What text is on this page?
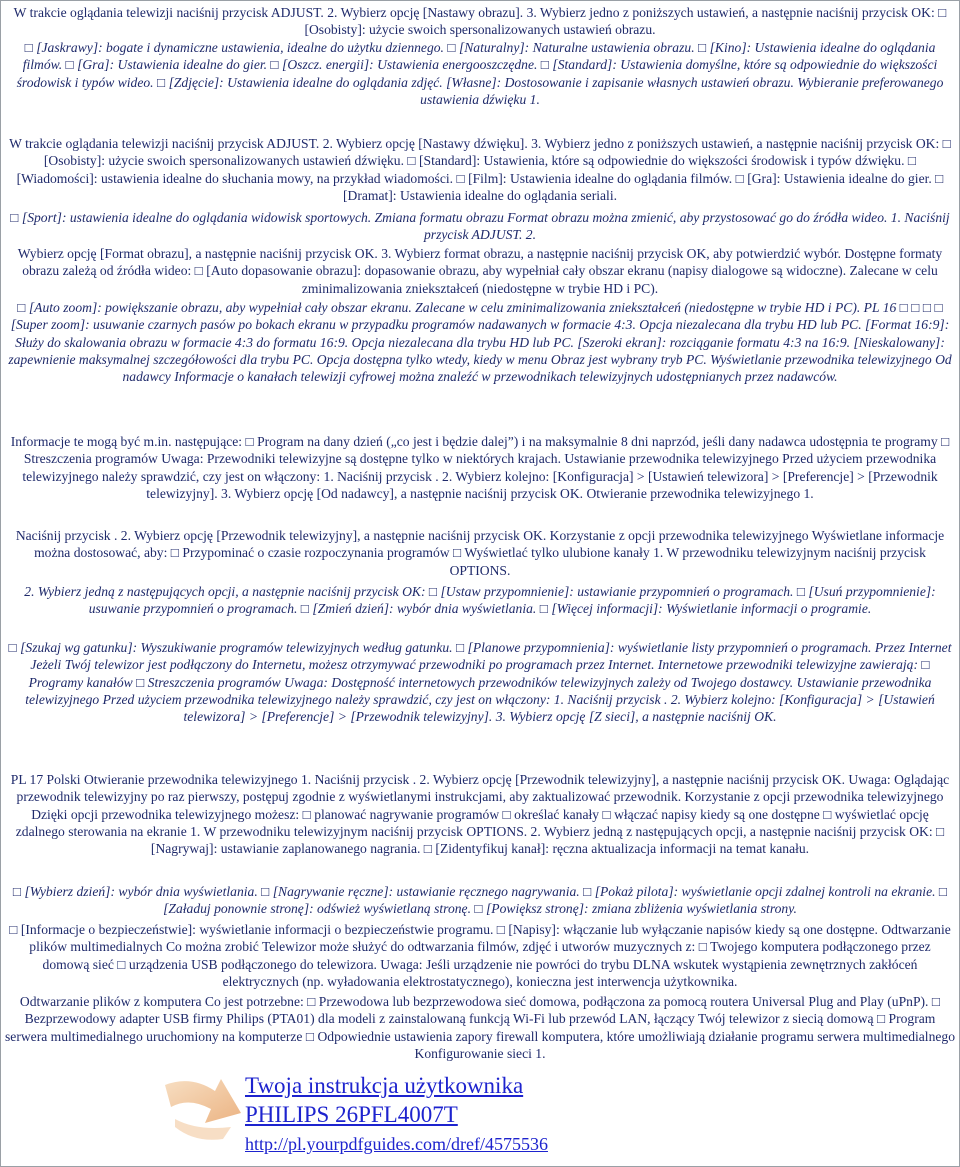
W trakcie oglądania telewizji naciśnij przycisk ADJUST. 2. Wybierz opcję [Nastawy obrazu]. 3. Wybierz jedno z poniższych ustawień, a następnie naciśnij przycisk OK: □ [Osobisty]: użycie swoich spersonalizowanych ustawień obrazu.
□ [Jaskrawy]: bogate i dynamiczne ustawienia, idealne do użytku dziennego. □ [Naturalny]: Naturalne ustawienia obrazu. □ [Kino]: Ustawienia idealne do oglądania filmów. □ [Gra]: Ustawienia idealne do gier. □ [Oszcz. energii]: Ustawienia energooszczędne. □ [Standard]: Ustawienia domyślne, które są odpowiednie do większości środowisk i typów wideo. □ [Zdjęcie]: Ustawienia idealne do oglądania zdjęć. [Własne]: Dostosowanie i zapisanie własnych ustawień obrazu. Wybieranie preferowanego ustawienia dźwięku 1.
W trakcie oglądania telewizji naciśnij przycisk ADJUST. 2. Wybierz opcję [Nastawy dźwięku]. 3. Wybierz jedno z poniższych ustawień, a następnie naciśnij przycisk OK: □ [Osobisty]: użycie swoich spersonalizowanych ustawień dźwięku. □ [Standard]: Ustawienia, które są odpowiednie do większości środowisk i typów dźwięku. □ [Wiadomości]: ustawienia idealne do słuchania mowy, na przykład wiadomości. □ [Film]: Ustawienia idealne do oglądania filmów. □ [Gra]: Ustawienia idealne do gier. □ [Dramat]: Ustawienia idealne do oglądania seriali.
□ [Sport]: ustawienia idealne do oglądania widowisk sportowych. Zmiana formatu obrazu Format obrazu można zmienić, aby przystosować go do źródła wideo. 1. Naciśnij przycisk ADJUST. 2.
Wybierz opcję [Format obrazu], a następnie naciśnij przycisk OK. 3. Wybierz format obrazu, a następnie naciśnij przycisk OK, aby potwierdzić wybór. Dostępne formaty obrazu zależą od źródła wideo: □ [Auto dopasowanie obrazu]: dopasowanie obrazu, aby wypełniał cały obszar ekranu (napisy dialogowe są widoczne). Zalecane w celu zminimalizowania zniekształceń (niedostępne w trybie HD i PC).
□ [Auto zoom]: powiększanie obrazu, aby wypełniał cały obszar ekranu. Zalecane w celu zminimalizowania zniekształceń (niedostępne w trybie HD i PC). PL 16 □ □ □ □ [Super zoom]: usuwanie czarnych pasów po bokach ekranu w przypadku programów nadawanych w formacie 4:3. Opcja niezalecana dla trybu HD lub PC. [Format 16:9]: Służy do skalowania obrazu w formacie 4:3 do formatu 16:9. Opcja niezalecana dla trybu HD lub PC. [Szeroki ekran]: rozciąganie formatu 4:3 na 16:9. [Nieskalowany]: zapewnienie maksymalnej szczegółowości dla trybu PC. Opcja dostępna tylko wtedy, kiedy w menu Obraz jest wybrany tryb PC. Wyświetlanie przewodnika telewizyjnego Od nadawcy Informacje o kanałach telewizji cyfrowej można znaleźć w przewodnikach telewizyjnych udostępnianych przez nadawców.
Informacje te mogą być m.in. następujące: □ Program na dany dzień („co jest i będzie dalej”) i na maksymalnie 8 dni naprzód, jeśli dany nadawca udostępnia te programy □ Streszczenia programów Uwaga: Przewodniki telewizyjne są dostępne tylko w niektórych krajach. Ustawianie przewodnika telewizyjnego Przed użyciem przewodnika telewizyjnego należy sprawdzić, czy jest on włączony: 1. Naciśnij przycisk . 2. Wybierz kolejno: [Konfiguracja] > [Ustawień telewizora] > [Preferencje] > [Przewodnik telewizyjny]. 3. Wybierz opcję [Od nadawcy], a następnie naciśnij przycisk OK. Otwieranie przewodnika telewizyjnego 1.
Naciśnij przycisk . 2. Wybierz opcję [Przewodnik telewizyjny], a następnie naciśnij przycisk OK. Korzystanie z opcji przewodnika telewizyjnego Wyświetlane informacje można dostosować, aby: □ Przypominać o czasie rozpoczynania programów □ Wyświetlać tylko ulubione kanały 1. W przewodniku telewizyjnym naciśnij przycisk OPTIONS.
2. Wybierz jedną z następujących opcji, a następnie naciśnij przycisk OK: □ [Ustaw przypomnienie]: ustawianie przypomnień o programach. □ [Usuń przypomnienie]: usuwanie przypomnień o programach. □ [Zmień dzień]: wybór dnia wyświetlania. □ [Więcej informacji]: Wyświetlanie informacji o programie.
□ [Szukaj wg gatunku]: Wyszukiwanie programów telewizyjnych według gatunku. □ [Planowe przypomnienia]: wyświetlanie listy przypomnień o programach. Przez Internet Jeżeli Twój telewizor jest podłączony do Internetu, możesz otrzymywać przewodniki po programach przez Internet. Internetowe przewodniki telewizyjne zawierają: □ Programy kanałów □ Streszczenia programów Uwaga: Dostępność internetowych przewodników telewizyjnych zależy od Twojego dostawcy. Ustawianie przewodnika telewizyjnego Przed użyciem przewodnika telewizyjnego należy sprawdzić, czy jest on włączony: 1. Naciśnij przycisk . 2. Wybierz kolejno: [Konfiguracja] > [Ustawień telewizora] > [Preferencje] > [Przewodnik telewizyjny]. 3. Wybierz opcję [Z sieci], a następnie naciśnij OK.
PL 17 Polski Otwieranie przewodnika telewizyjnego 1. Naciśnij przycisk . 2. Wybierz opcję [Przewodnik telewizyjny], a następnie naciśnij przycisk OK. Uwaga: Oglądając przewodnik telewizyjny po raz pierwszy, postępuj zgodnie z wyświetlanymi instrukcjami, aby zaktualizować przewodnik. Korzystanie z opcji przewodnika telewizyjnego Dzięki opcji przewodnika telewizyjnego możesz: □ planować nagrywanie programów □ określać kanały □ włączać napisy kiedy są one dostępne □ wyświetlać opcję zdalnego sterowania na ekranie 1. W przewodniku telewizyjnym naciśnij przycisk OPTIONS. 2. Wybierz jedną z następujących opcji, a następnie naciśnij przycisk OK: □ [Nagrywaj]: ustawianie zaplanowanego nagrania. □ [Zidentyfikuj kanał]: ręczna aktualizacja informacji na temat kanału.
□ [Wybierz dzień]: wybór dnia wyświetlania. □ [Nagrywanie ręczne]: ustawianie ręcznego nagrywania. □ [Pokaż pilota]: wyświetlanie opcji zdalnej kontroli na ekranie. □ [Załaduj ponownie stronę]: odśwież wyświetlaną stronę. □ [Powiększ stronę]: zmiana zbliżenia wyświetlania strony.
□ [Informacje o bezpieczeństwie]: wyświetlanie informacji o bezpieczeństwie programu. □ [Napisy]: włączanie lub wyłączanie napisów kiedy są one dostępne. Odtwarzanie plików multimedialnych Co można zrobić Telewizor może służyć do odtwarzania filmów, zdjęć i utworów muzycznych z: □ Twojego komputera podłączonego przez domową sieć □ urządzenia USB podłączonego do telewizora. Uwaga: Jeśli urządzenie nie powróci do trybu DLNA wskutek wystąpienia zewnętrznych zakłóceń elektrycznych (np. wyładowania elektrostatycznego), konieczna jest interwencja użytkownika.
Odtwarzanie plików z komputera Co jest potrzebne: □ Przewodowa lub bezprzewodowa sieć domowa, podłączona za pomocą routera Universal Plug and Play (uPnP). □ Bezprzewodowy adapter USB firmy Philips (PTA01) dla modeli z zainstalowaną funkcją Wi-Fi lub przewód LAN, łączący Twój telewizor z siecią domową □ Program serwera multimedialnego uruchomiony na komputerze □ Odpowiednie ustawienia zapory firewall komputera, które umożliwiają działanie programu serwera multimedialnego Konfigurowanie sieci 1.
Twoja instrukcja użytkownika
PHILIPS 26PFL4007T
http://pl.yourpdfguides.com/dref/4575536
